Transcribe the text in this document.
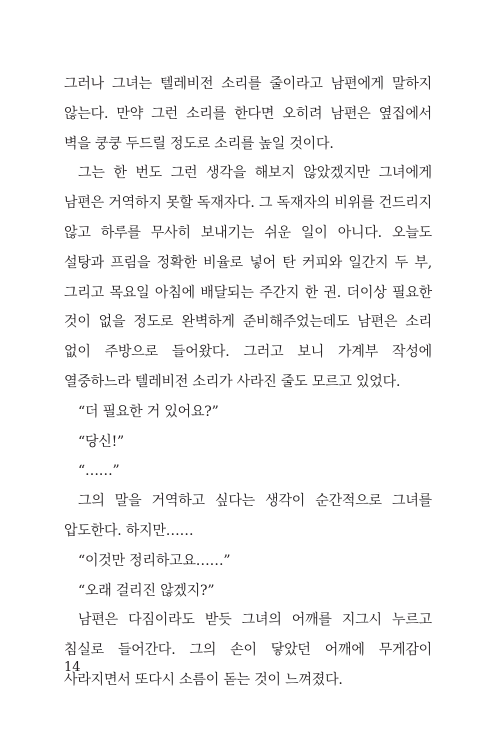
그러나 그녀는 텔레비전 소리를 줄이라고 남편에게 말하지 않는다. 만약 그런 소리를 한다면 오히려 남편은 옆집에서 벽을 쿵쿵 두드릴 정도로 소리를 높일 것이다.

그는 한 번도 그런 생각을 해보지 않았겠지만 그녀에게 남편은 거역하지 못할 독재자다. 그 독재자의 비위를 건드리지 않고 하루를 무사히 보내기는 쉬운 일이 아니다. 오늘도 설탕과 프림을 정확한 비율로 넣어 탄 커피와 일간지 두 부, 그리고 목요일 아침에 배달되는 주간지 한 권. 더이상 필요한 것이 없을 정도로 완벽하게 준비해주었는데도 남편은 소리 없이 주방으로 들어왔다. 그러고 보니 가계부 작성에 열중하느라 텔레비전 소리가 사라진 줄도 모르고 있었다.

“더 필요한 거 있어요?”

“당신!”

“……”

그의 말을 거역하고 싶다는 생각이 순간적으로 그녀를 압도한다. 하지만……

“이것만 정리하고요……”

“오래 걸리진 않겠지?”

남편은 다짐이라도 받듯 그녀의 어깨를 지그시 누르고 침실로 들어간다. 그의 손이 닿았던 어깨에 무게감이 사라지면서 또다시 소름이 돋는 것이 느껴졌다.

14
